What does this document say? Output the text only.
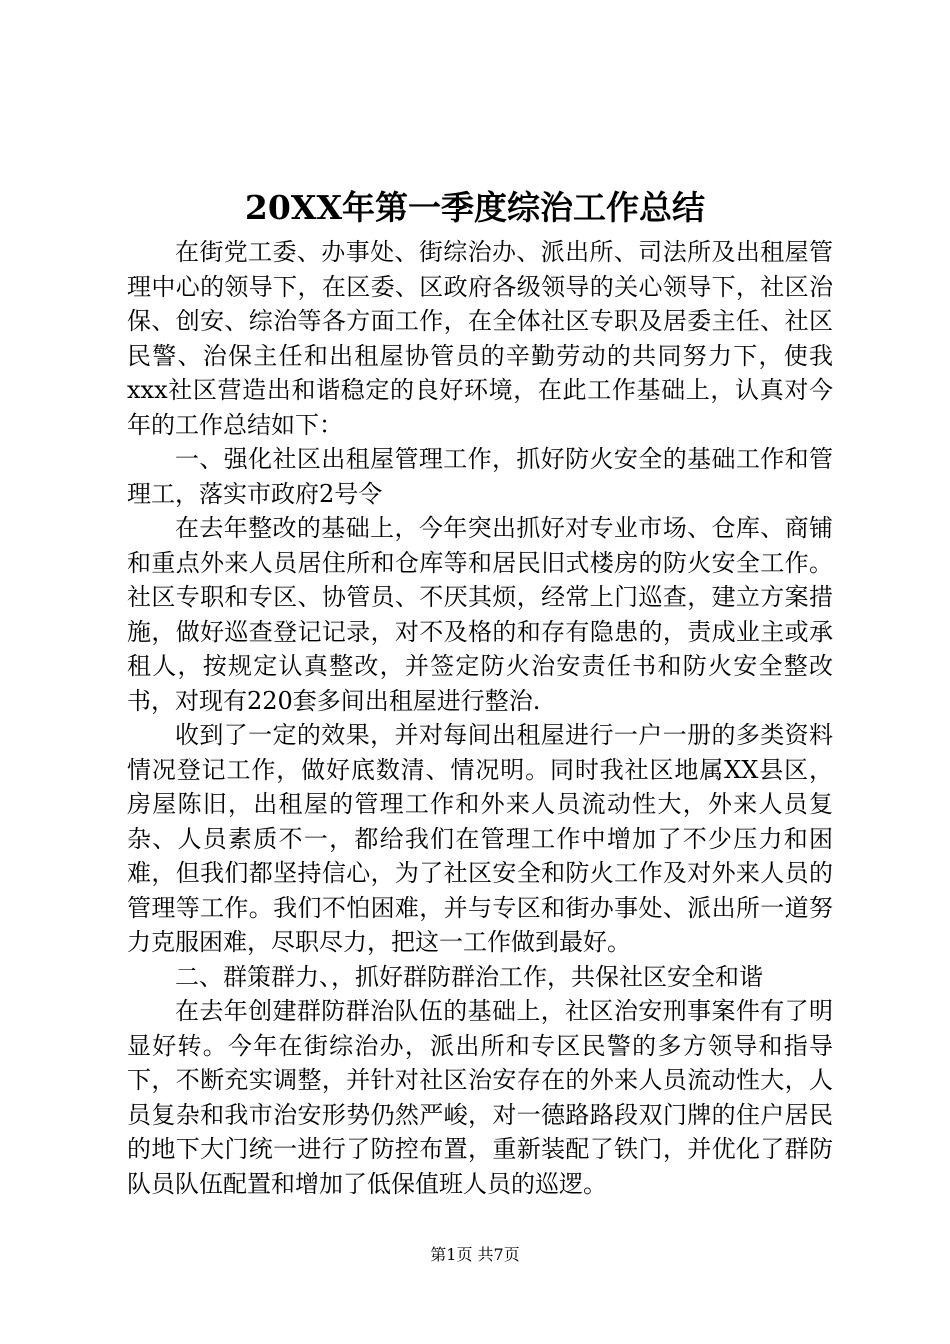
20XX年第一季度综治工作总结

在街党工委、办事处、街综治办、派出所、司法所及出租屋管理中心的领导下，在区委、区政府各级领导的关心领导下，社区治保、创安、综治等各方面工作，在全体社区专职及居委主任、社区民警、治保主任和出租屋协管员的辛勤劳动的共同努力下，使我xxx社区营造出和谐稳定的良好环境，在此工作基础上，认真对今年的工作总结如下：

一、强化社区出租屋管理工作，抓好防火安全的基础工作和管理工，落实市政府2号令

在去年整改的基础上，今年突出抓好对专业市场、仓库、商铺和重点外来人员居住所和仓库等和居民旧式楼房的防火安全工作。社区专职和专区、协管员、不厌其烦，经常上门巡查，建立方案措施，做好巡查登记记录，对不及格的和存有隐患的，责成业主或承租人，按规定认真整改，并签定防火治安责任书和防火安全整改书，对现有220套多间出租屋进行整治.

收到了一定的效果，并对每间出租屋进行一户一册的多类资料情况登记工作，做好底数清、情况明。同时我社区地属XX县区，房屋陈旧，出租屋的管理工作和外来人员流动性大，外来人员复杂、人员素质不一，都给我们在管理工作中增加了不少压力和困难，但我们都坚持信心，为了社区安全和防火工作及对外来人员的管理等工作。我们不怕困难，并与专区和街办事处、派出所一道努力克服困难，尽职尽力，把这一工作做到最好。

二、群策群力、，抓好群防群治工作，共保社区安全和谐

在去年创建群防群治队伍的基础上，社区治安刑事案件有了明显好转。今年在街综治办，派出所和专区民警的多方领导和指导下，不断充实调整，并针对社区治安存在的外来人员流动性大，人员复杂和我市治安形势仍然严峻，对一德路路段双门牌的住户居民的地下大门统一进行了防控布置，重新装配了铁门，并优化了群防队员队伍配置和增加了低保值班人员的巡逻。

第1页 共7页
